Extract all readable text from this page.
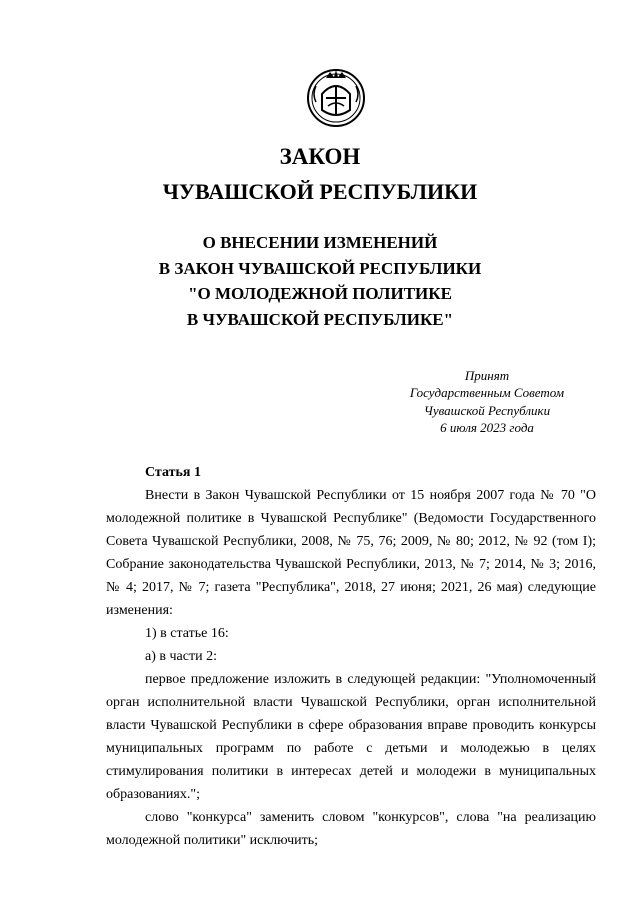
ЗАКОН
ЧУВАШСКОЙ РЕСПУБЛИКИ
О ВНЕСЕНИИ ИЗМЕНЕНИЙ
В ЗАКОН ЧУВАШСКОЙ РЕСПУБЛИКИ
"О МОЛОДЕЖНОЙ ПОЛИТИКЕ
В ЧУВАШСКОЙ РЕСПУБЛИКЕ"
Принят
Государственным Советом
Чувашской Республики
6 июля 2023 года

Статья 1

Внести в Закон Чувашской Республики от 15 ноября 2007 года № 70 "О молодежной политике в Чувашской Республике" (Ведомости Государственного Совета Чувашской Республики, 2008, № 75, 76; 2009, № 80; 2012, № 92 (том I); Собрание законодательства Чувашской Республики, 2013, № 7; 2014, № 3; 2016, № 4; 2017, № 7; газета "Республика", 2018, 27 июня; 2021, 26 мая) следующие изменения:

1) в статье 16:

а) в части 2:

первое предложение изложить в следующей редакции: "Уполномоченный орган исполнительной власти Чувашской Республики, орган исполнительной власти Чувашской Республики в сфере образования вправе проводить конкурсы муниципальных программ по работе с детьми и молодежью в целях стимулирования политики в интересах детей и молодежи в муниципальных образованиях.";

слово "конкурса" заменить словом "конкурсов", слова "на реализацию молодежной политики" исключить;
